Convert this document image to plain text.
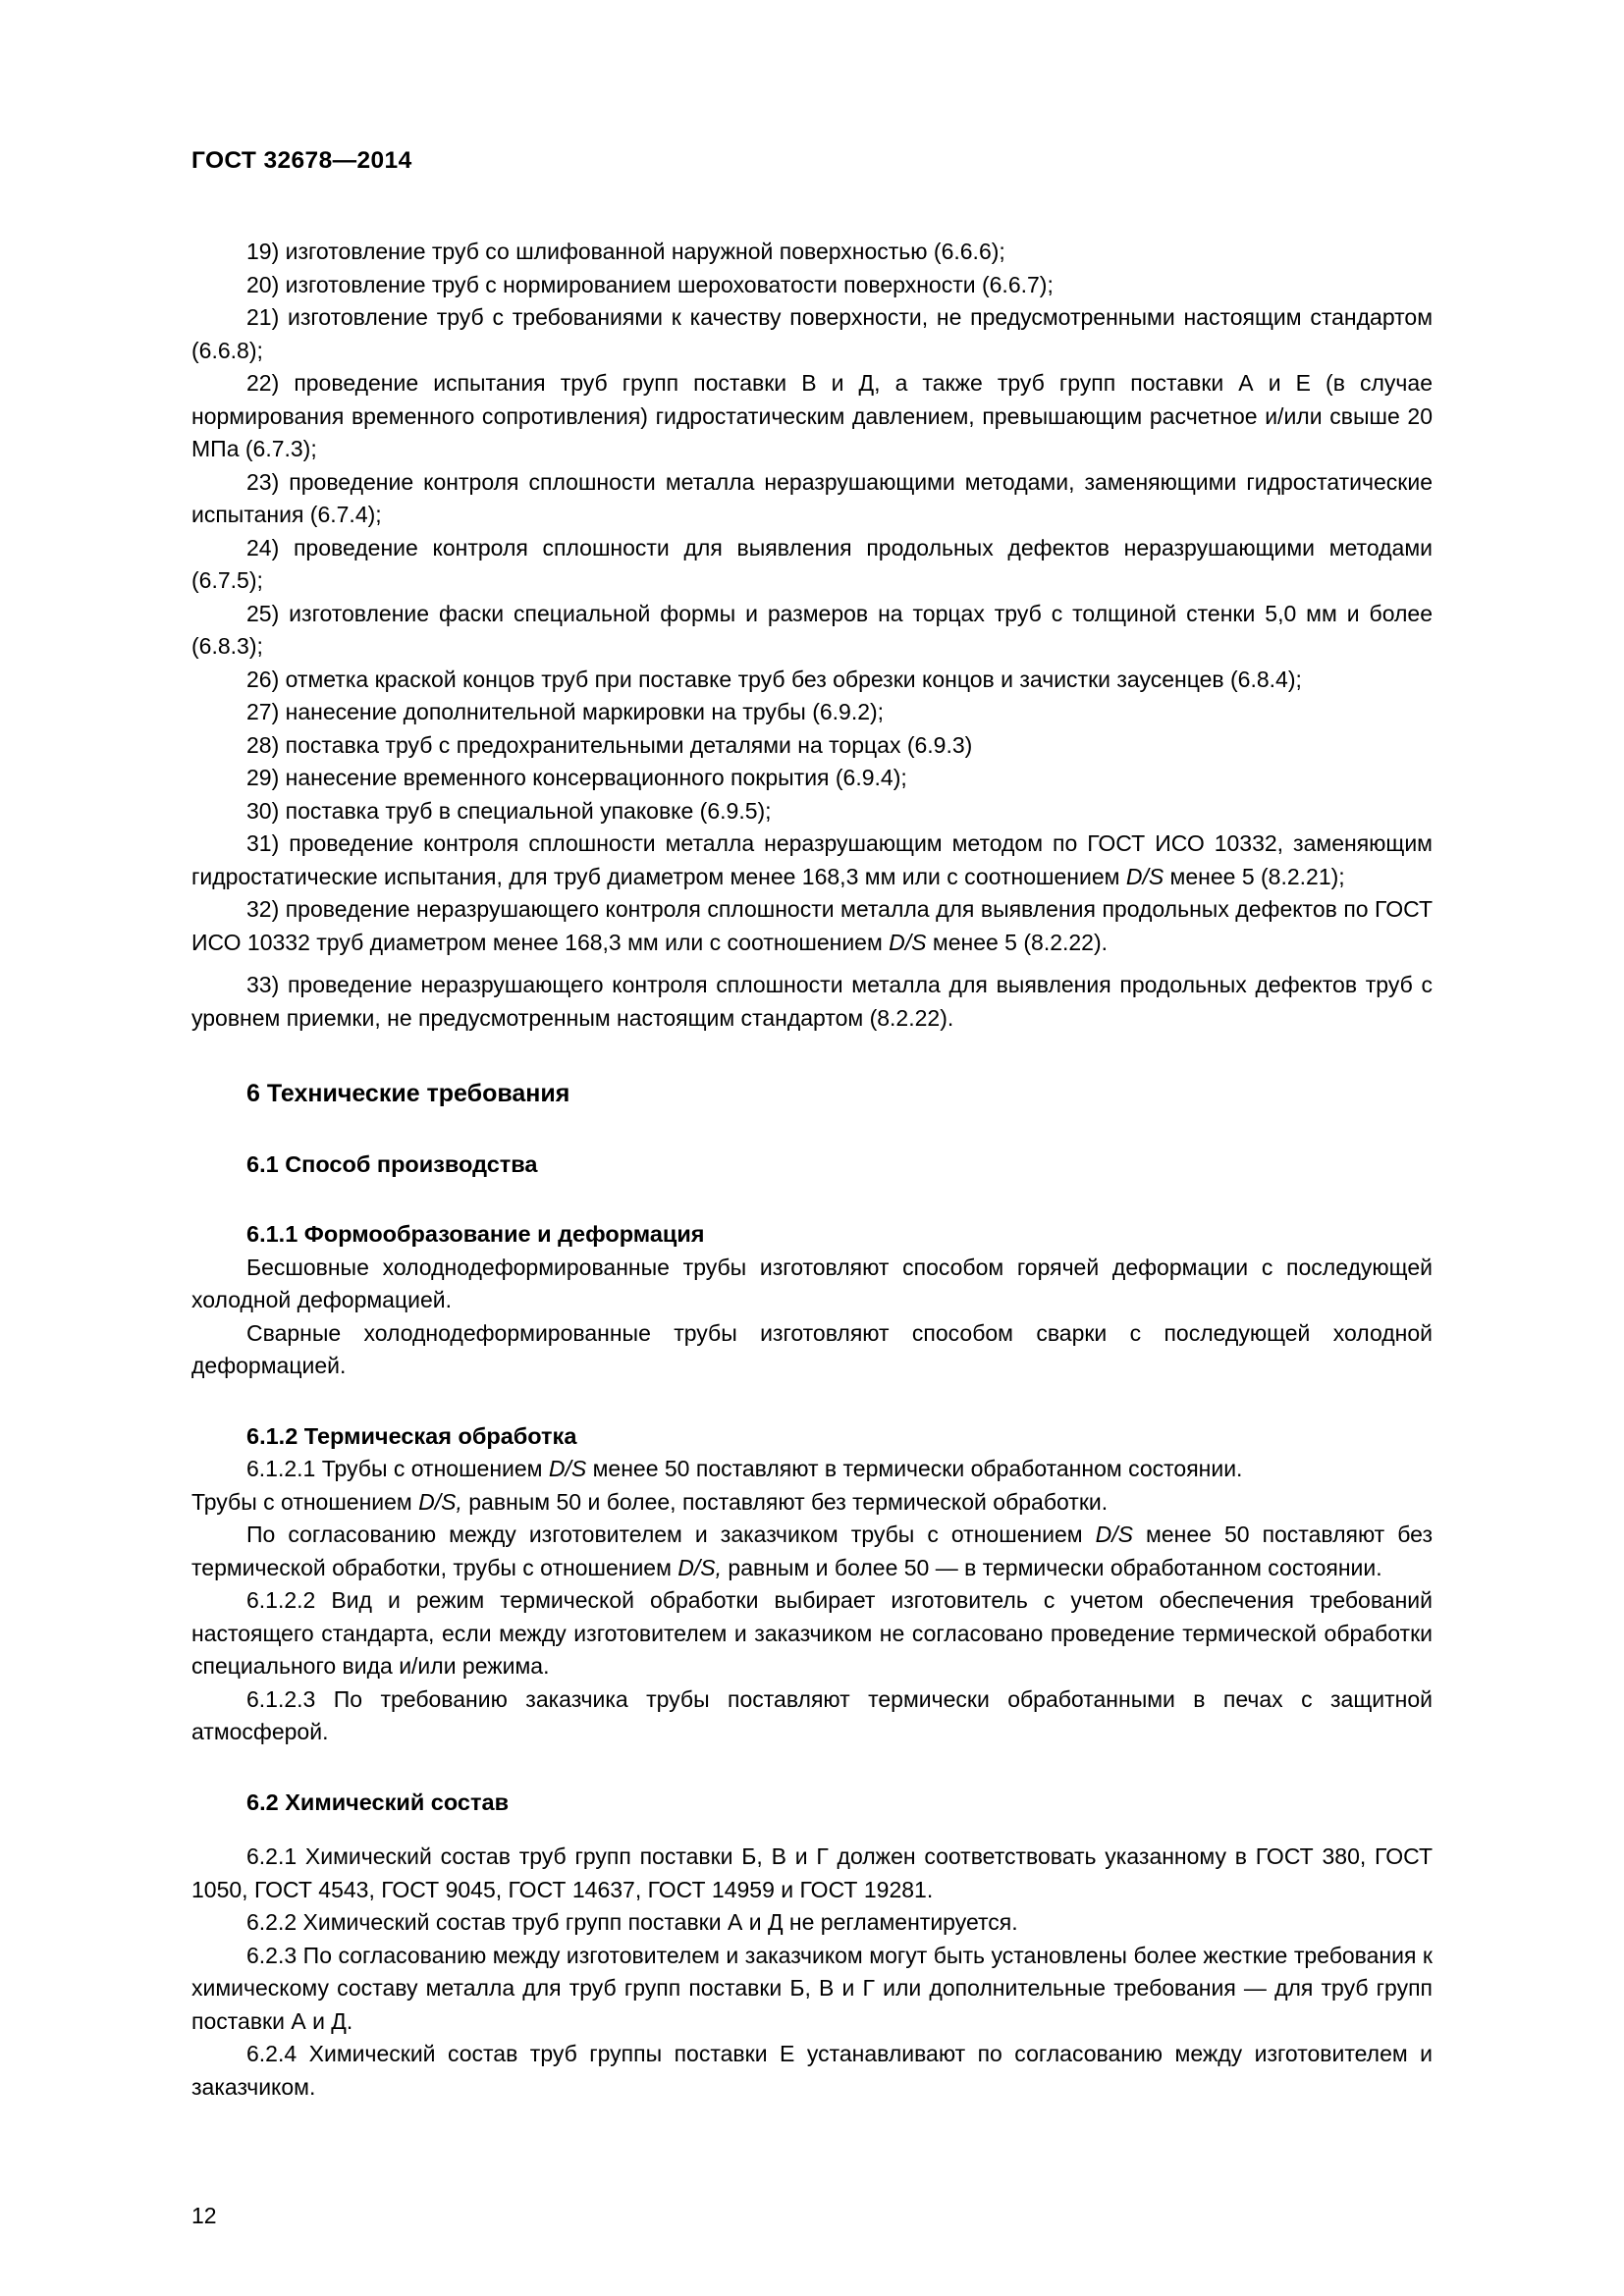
ГОСТ 32678—2014

19) изготовление труб со шлифованной наружной поверхностью (6.6.6);

20) изготовление труб с нормированием шероховатости поверхности (6.6.7);

21) изготовление труб с требованиями к качеству поверхности, не предусмотренными настоящим стандартом (6.6.8);

22) проведение испытания труб групп поставки В и Д, а также труб групп поставки А и Е (в случае нормирования временного сопротивления) гидростатическим давлением, превышающим расчетное и/или свыше 20 МПа (6.7.3);

23) проведение контроля сплошности металла неразрушающими методами, заменяющими гидростатические испытания (6.7.4);

24) проведение контроля сплошности для выявления продольных дефектов неразрушающими методами (6.7.5);

25) изготовление фаски специальной формы и размеров на торцах труб с толщиной стенки 5,0 мм и более (6.8.3);

26) отметка краской концов труб при поставке труб без обрезки концов и зачистки заусенцев (6.8.4);

27) нанесение дополнительной маркировки на трубы (6.9.2);

28) поставка труб с предохранительными деталями на торцах (6.9.3)

29) нанесение временного консервационного покрытия (6.9.4);

30) поставка труб в специальной упаковке (6.9.5);

31) проведение контроля сплошности металла неразрушающим методом по ГОСТ ИСО 10332, заменяющим гидростатические испытания, для труб диаметром менее 168,3 мм или с соотношением D/S менее 5 (8.2.21);

32) проведение неразрушающего контроля сплошности металла для выявления продольных дефектов по ГОСТ ИСО 10332 труб диаметром менее 168,3 мм или с соотношением D/S менее 5 (8.2.22).

33) проведение неразрушающего контроля сплошности металла для выявления продольных дефектов труб с уровнем приемки, не предусмотренным настоящим стандартом (8.2.22).

6 Технические требования
6.1 Способ производства
6.1.1 Формообразование и деформация

Бесшовные холоднодеформированные трубы изготовляют способом горячей деформации с последующей холодной деформацией.

Сварные холоднодеформированные трубы изготовляют способом сварки с последующей холодной деформацией.

6.1.2 Термическая обработка

6.1.2.1 Трубы с отношением D/S менее 50 поставляют в термически обработанном состоянии.

Трубы с отношением D/S, равным 50 и более, поставляют без термической обработки.

По согласованию между изготовителем и заказчиком трубы с отношением D/S менее 50 поставляют без термической обработки, трубы с отношением D/S, равным и более 50 — в термически обработанном состоянии.

6.1.2.2 Вид и режим термической обработки выбирает изготовитель с учетом обеспечения требований настоящего стандарта, если между изготовителем и заказчиком не согласовано проведение термической обработки специального вида и/или режима.

6.1.2.3 По требованию заказчика трубы поставляют термически обработанными в печах с защитной атмосферой.

6.2 Химический состав

6.2.1 Химический состав труб групп поставки Б, В и Г должен соответствовать указанному в ГОСТ 380, ГОСТ 1050, ГОСТ 4543, ГОСТ 9045, ГОСТ 14637, ГОСТ 14959 и ГОСТ 19281.

6.2.2 Химический состав труб групп поставки А и Д не регламентируется.

6.2.3 По согласованию между изготовителем и заказчиком могут быть установлены более жесткие требования к химическому составу металла для труб групп поставки Б, В и Г или дополнительные требования — для труб групп поставки А и Д.

6.2.4 Химический состав труб группы поставки Е устанавливают по согласованию между изготовителем и заказчиком.

12
